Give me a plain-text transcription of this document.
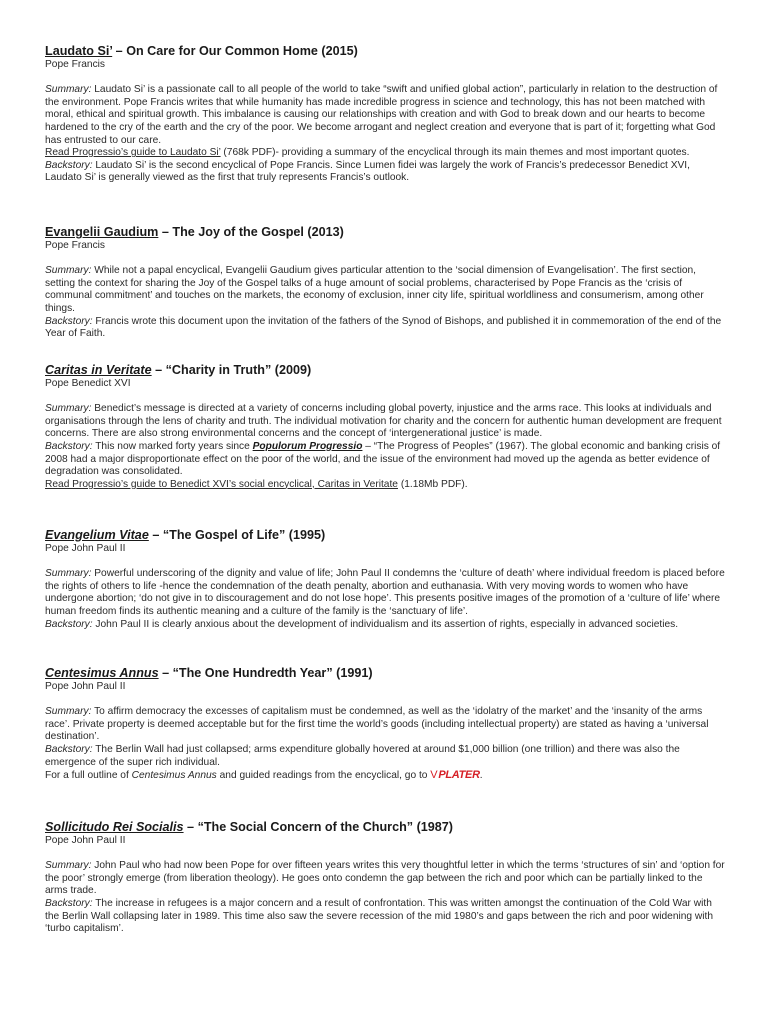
Laudato Si’ – On Care for Our Common Home (2015)

Pope Francis

Summary: Laudato Si’ is a passionate call to all people of the world to take “swift and unified global action”, particularly in relation to the destruction of the environment. Pope Francis writes that while humanity has made incredible progress in science and technology, this has not been matched with moral, ethical and spiritual growth. This imbalance is causing our relationships with creation and with God to break down and our hearts to become hardened to the cry of the earth and the cry of the poor. We become arrogant and neglect creation and everyone that is part of it; forgetting what God has entrusted to our care.

Read Progressio’s guide to Laudato Si’ (768k PDF)- providing a summary of the encyclical through its main themes and most important quotes.

Backstory: Laudato Si’ is the second encyclical of Pope Francis. Since Lumen fidei was largely the work of Francis’s predecessor Benedict XVI, Laudato Si’ is generally viewed as the first that truly represents Francis’s outlook.

Evangelii Gaudium – The Joy of the Gospel (2013)

Pope Francis

Summary: While not a papal encyclical, Evangelii Gaudium gives particular attention to the ‘social dimension of Evangelisation’. The first section, setting the context for sharing the Joy of the Gospel talks of a huge amount of social problems, characterised by Pope Francis as the ‘crisis of communal commitment’ and touches on the markets, the economy of exclusion, inner city life, spiritual worldliness and consumerism, among other things.

Backstory: Francis wrote this document upon the invitation of the fathers of the Synod of Bishops, and published it in commemoration of the end of the Year of Faith.

Caritas in Veritate – “Charity in Truth” (2009)

Pope Benedict XVI

Summary: Benedict’s message is directed at a variety of concerns including global poverty, injustice and the arms race. This looks at individuals and organisations through the lens of charity and truth. The individual motivation for charity and the concern for authentic human development are frequent concerns. There are also strong environmental concerns and the concept of ‘intergenerational justice’ is made.

Backstory: This now marked forty years since Populorum Progressio – “The Progress of Peoples” (1967). The global economic and banking crisis of 2008 had a major disproportionate effect on the poor of the world, and the issue of the environment had moved up the agenda as better evidence of degradation was consolidated.

Read Progressio’s guide to Benedict XVI’s social encyclical, Caritas in Veritate (1.18Mb PDF).

Evangelium Vitae – “The Gospel of Life” (1995)

Pope John Paul II

Summary: Powerful underscoring of the dignity and value of life; John Paul II condemns the ‘culture of death’ where individual freedom is placed before the rights of others to life -hence the condemnation of the death penalty, abortion and euthanasia. With very moving words to women who have undergone abortion; ‘do not give in to discouragement and do not lose hope’. This presents positive images of the promotion of a ‘culture of life’ where human freedom finds its authentic meaning and a culture of the family is the ‘sanctuary of life’.

Backstory: John Paul II is clearly anxious about the development of individualism and its assertion of rights, especially in advanced societies.

Centesimus Annus – “The One Hundredth Year” (1991)

Pope John Paul II

Summary: To affirm democracy the excesses of capitalism must be condemned, as well as the ‘idolatry of the market’ and the ‘insanity of the arms race’. Private property is deemed acceptable but for the first time the world’s goods (including intellectual property) are stated as having a ‘universal destination’.

Backstory: The Berlin Wall had just collapsed; arms expenditure globally hovered at around $1,000 billion (one trillion) and there was also the emergence of the super rich individual.

For a full outline of Centesimus Annus and guided readings from the encyclical, go to VPLATER.

Sollicitudo Rei Socialis – “The Social Concern of the Church” (1987)

Pope John Paul II

Summary: John Paul who had now been Pope for over fifteen years writes this very thoughtful letter in which the terms ‘structures of sin’ and ‘option for the poor’ strongly emerge (from liberation theology). He goes onto condemn the gap between the rich and poor which can be partially linked to the arms trade.

Backstory: The increase in refugees is a major concern and a result of confrontation. This was written amongst the continuation of the Cold War with the Berlin Wall collapsing later in 1989. This time also saw the severe recession of the mid 1980’s and gaps between the rich and poor widening with ‘turbo capitalism’.
